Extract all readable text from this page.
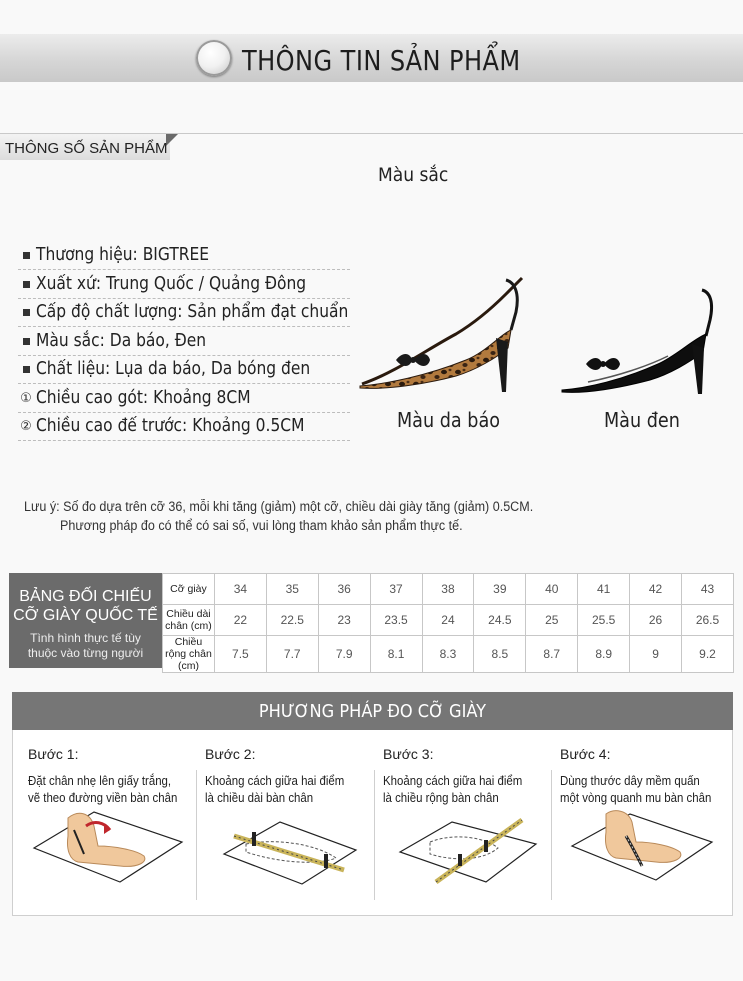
THÔNG TIN SẢN PHẨM
THÔNG SỐ SẢN PHẨM
Màu sắc
Thương hiệu: BIGTREE
Xuất xứ: Trung Quốc / Quảng Đông
Cấp độ chất lượng: Sản phẩm đạt chuẩn
Màu sắc: Da báo, Đen
Chất liệu: Lụa da báo, Da bóng đen
① Chiều cao gót: Khoảng 8CM
② Chiều cao đế trước: Khoảng 0.5CM	Màu da báo	Màu đen
Lưu ý: Số đo dựa trên cỡ 36, mỗi khi tăng (giảm) một cỡ, chiều dài giày tăng (giảm) 0.5CM.
Phương pháp đo có thể có sai số, vui lòng tham khảo sản phẩm thực tế.
BẢNG ĐỐI CHIẾU
CỠ GIÀY QUỐC TẾ
Tình hình thực tế tùy
thuộc vào từng người
Cỡ giày	34	35	36	37	38	39	40	41	42	43
Chiều dài chân (cm)	22	22.5	23	23.5	24	24.5	25	25.5	26	26.5
Chiều rộng chân (cm)	7.5	7.7	7.9	8.1	8.3	8.5	8.7	8.9	9	9.2
PHƯƠNG PHÁP ĐO CỠ GIÀY
Bước 1:
Đặt chân nhẹ lên giấy trắng,
vẽ theo đường viền bàn chân
Bước 2:
Khoảng cách giữa hai điểm
là chiều dài bàn chân
Bước 3:
Khoảng cách giữa hai điểm
là chiều rộng bàn chân
Bước 4:
Dùng thước dây mềm quấn
một vòng quanh mu bàn chân
